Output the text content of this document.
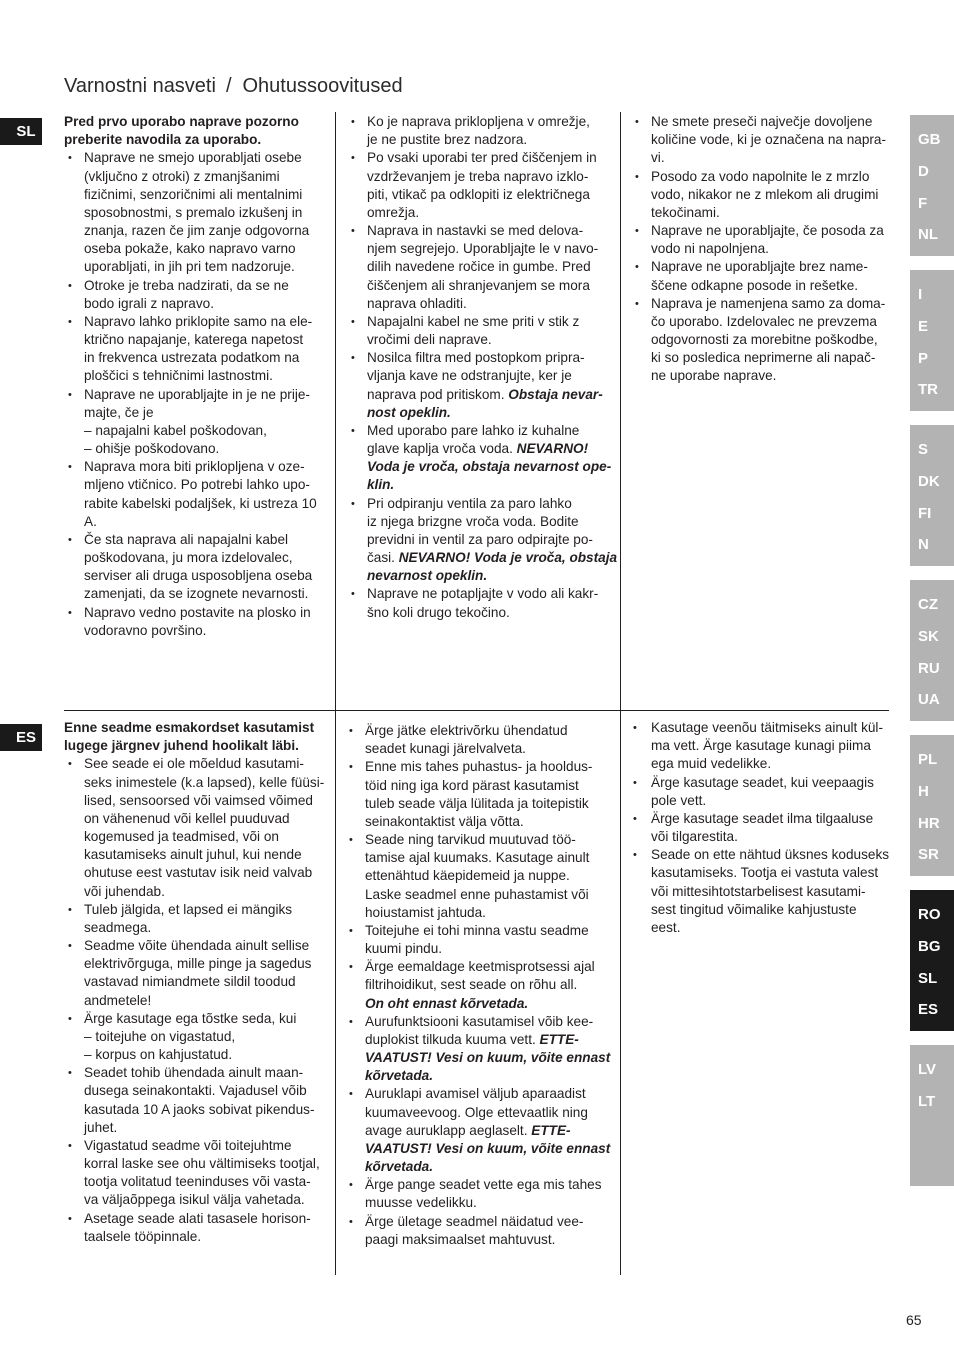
Varnostni nasveti / Ohutussoovitused
SL
ES
Pred prvo uporabo naprave pozorno
preberite navodila za uporabo.
•
Naprave ne smejo uporabljati osebe
(vključno z otroki) z zmanjšanimi
fizičnimi, senzoričnimi ali mentalnimi
sposobnostmi, s premalo izkušenj in
znanja, razen če jim zanje odgovorna
oseba pokaže, kako napravo varno
uporabljati, in jih pri tem nadzoruje.
•
Otroke je treba nadzirati, da se ne
bodo igrali z napravo.
•
Napravo lahko priklopite samo na ele-
ktrično napajanje, katerega napetost
in frekvenca ustrezata podatkom na
ploščici s tehničnimi lastnostmi.
•
Naprave ne uporabljajte in je ne prije-
majte, če je
– napajalni kabel poškodovan,
– ohišje poškodovano.
•
Naprava mora biti priklopljena v oze-
mljeno vtičnico. Po potrebi lahko upo-
rabite kabelski podaljšek, ki ustreza 10
A.
•
Če sta naprava ali napajalni kabel
poškodovana, ju mora izdelovalec,
serviser ali druga usposobljena oseba
zamenjati, da se izognete nevarnosti.
•
Napravo vedno postavite na plosko in
vodoravno površino.
•
Ko je naprava priklopljena v omrežje,
je ne pustite brez nadzora.
•
Po vsaki uporabi ter pred čiščenjem in
vzdrževanjem je treba napravo izklo-
piti, vtikač pa odklopiti iz električnega
omrežja.
•
Naprava in nastavki se med delova-
njem segrejejo. Uporabljajte le v navo-
dilih navedene ročice in gumbe. Pred
čiščenjem ali shranjevanjem se mora
naprava ohladiti.
•
Napajalni kabel ne sme priti v stik z
vročimi deli naprave.
•
Nosilca filtra med postopkom pripra-
vljanja kave ne odstranjujte, ker je
naprava pod pritiskom. Obstaja nevar-
nost opeklin.
•
Med uporabo pare lahko iz kuhalne
glave kaplja vroča voda. NEVARNO!
Voda je vroča, obstaja nevarnost ope-
klin.
•
Pri odpiranju ventila za paro lahko
iz njega brizgne vroča voda. Bodite
previdni in ventil za paro odpirajte po-
časi. NEVARNO! Voda je vroča, obstaja
nevarnost opeklin.
•
Naprave ne potapljajte v vodo ali kakr-
šno koli drugo tekočino.
•
Ne smete preseči največje dovoljene
količine vode, ki je označena na napra-
vi.
•
Posodo za vodo napolnite le z mrzlo
vodo, nikakor ne z mlekom ali drugimi
tekočinami.
•
Naprave ne uporabljajte, če posoda za
vodo ni napolnjena.
•
Naprave ne uporabljajte brez name-
ščene odkapne posode in rešetke.
•
Naprava je namenjena samo za doma-
čo uporabo. Izdelovalec ne prevzema
odgovornosti za morebitne poškodbe,
ki so posledica neprimerne ali napač-
ne uporabe naprave.
Enne seadme esmakordset kasutamist
lugege järgnev juhend hoolikalt läbi.
•
See seade ei ole mõeldud kasutami-
seks inimestele (k.a lapsed), kelle füüsi-
lised, sensoorsed või vaimsed võimed
on vähenenud või kellel puuduvad
kogemused ja teadmised, või on
kasutamiseks ainult juhul, kui nende
ohutuse eest vastutav isik neid valvab
või juhendab.
•
Tuleb jälgida, et lapsed ei mängiks
seadmega.
•
Seadme võite ühendada ainult sellise
elektrivõrguga, mille pinge ja sagedus
vastavad nimiandmete sildil toodud
andmetele!
•
Ärge kasutage ega tõstke seda, kui
– toitejuhe on vigastatud,
– korpus on kahjustatud.
•
Seadet tohib ühendada ainult maan-
dusega seinakontakti. Vajadusel võib
kasutada 10 A jaoks sobivat pikendus-
juhet.
•
Vigastatud seadme või toitejuhtme
korral laske see ohu vältimiseks tootjal,
tootja volitatud teeninduses või vasta-
va väljaõppega isikul välja vahetada.
•
Asetage seade alati tasasele horison-
taalsele tööpinnale.
•
Ärge jätke elektrivõrku ühendatud
seadet kunagi järelvalveta.
•
Enne mis tahes puhastus- ja hooldus-
töid ning iga kord pärast kasutamist
tuleb seade välja lülitada ja toitepistik
seinakontaktist välja võtta.
•
Seade ning tarvikud muutuvad töö-
tamise ajal kuumaks. Kasutage ainult
ettenähtud käepidemeid ja nuppe.
Laske seadmel enne puhastamist või
hoiustamist jahtuda.
•
Toitejuhe ei tohi minna vastu seadme
kuumi pindu.
•
Ärge eemaldage keetmisprotsessi ajal
filtrihoidikut, sest seade on rõhu all.
On oht ennast kõrvetada.
•
Aurufunktsiooni kasutamisel võib kee-
duplokist tilkuda kuuma vett. ETTE-
VAATUST! Vesi on kuum, võite ennast
kõrvetada.
•
Auruklapi avamisel väljub aparaadist
kuumaveevoog. Olge ettevaatlik ning
avage auruklapp aeglaselt. ETTE-
VAATUST! Vesi on kuum, võite ennast
kõrvetada.
•
Ärge pange seadet vette ega mis tahes
muusse vedelikku.
•
Ärge ületage seadmel näidatud vee-
paagi maksimaalset mahtuvust.
•
Kasutage veenõu täitmiseks ainult kül-
ma vett. Ärge kasutage kunagi piima
ega muid vedelikke.
•
Ärge kasutage seadet, kui veepaagis
pole vett.
•
Ärge kasutage seadet ilma tilgaaluse
või tilgarestita.
•
Seade on ette nähtud üksnes koduseks
kasutamiseks. Tootja ei vastuta valest
või mittesihtotstarbelisest kasutami-
sest tingitud võimalike kahjustuste
eest.
GB
D
F
NL
I
E
P
TR
S
DK
FI
N
CZ
SK
RU
UA
PL
H
HR
SR
RO
BG
SL
ES
LV
LT
65
